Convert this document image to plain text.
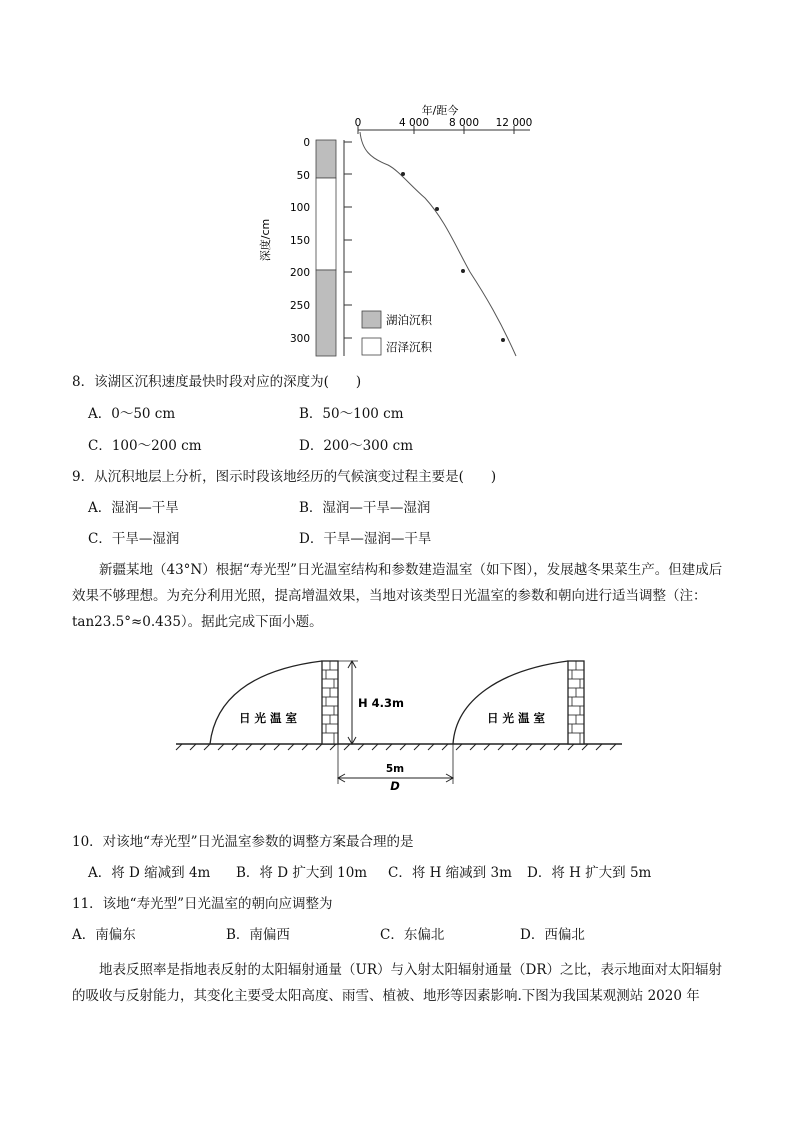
年/距今
0	4 000 8 000 12 000
深度/cm
0
50
100
150
200
250
300
湖泊沉积
沼泽沉积
8．该湖区沉积速度最快时段对应的深度为(　　)
A．0～50 cm	B．50～100 cm
C．100～200 cm	D．200～300 cm
9．从沉积地层上分析，图示时段该地经历的气候演变过程主要是(　　)
A．湿润—干旱	B．湿润—干旱—湿润
C．干旱—湿润	D．干旱—湿润—干旱
新疆某地（43°N）根据“寿光型”日光温室结构和参数建造温室（如下图），发展越冬果菜生产。但建成后效果不够理想。为充分利用光照，提高增温效果，当地对该类型日光温室的参数和朝向进行适当调整（注：tan23.5°≈0.435）。据此完成下面小题。
日 光 温 室
H 4.3m
日 光 温 室
5m
D
10．对该地“寿光型”日光温室参数的调整方案最合理的是
A．将 D 缩减到 4m B．将 D 扩大到 10m C．将 H 缩减到 3m D．将 H 扩大到 5m
11．该地“寿光型”日光温室的朝向应调整为
A．南偏东	B．南偏西	C．东偏北	D．西偏北
地表反照率是指地表反射的太阳辐射通量（UR）与入射太阳辐射通量（DR）之比，表示地面对太阳辐射的吸收与反射能力，其变化主要受太阳高度、雨雪、植被、地形等因素影响.下图为我国某观测站 2020 年
